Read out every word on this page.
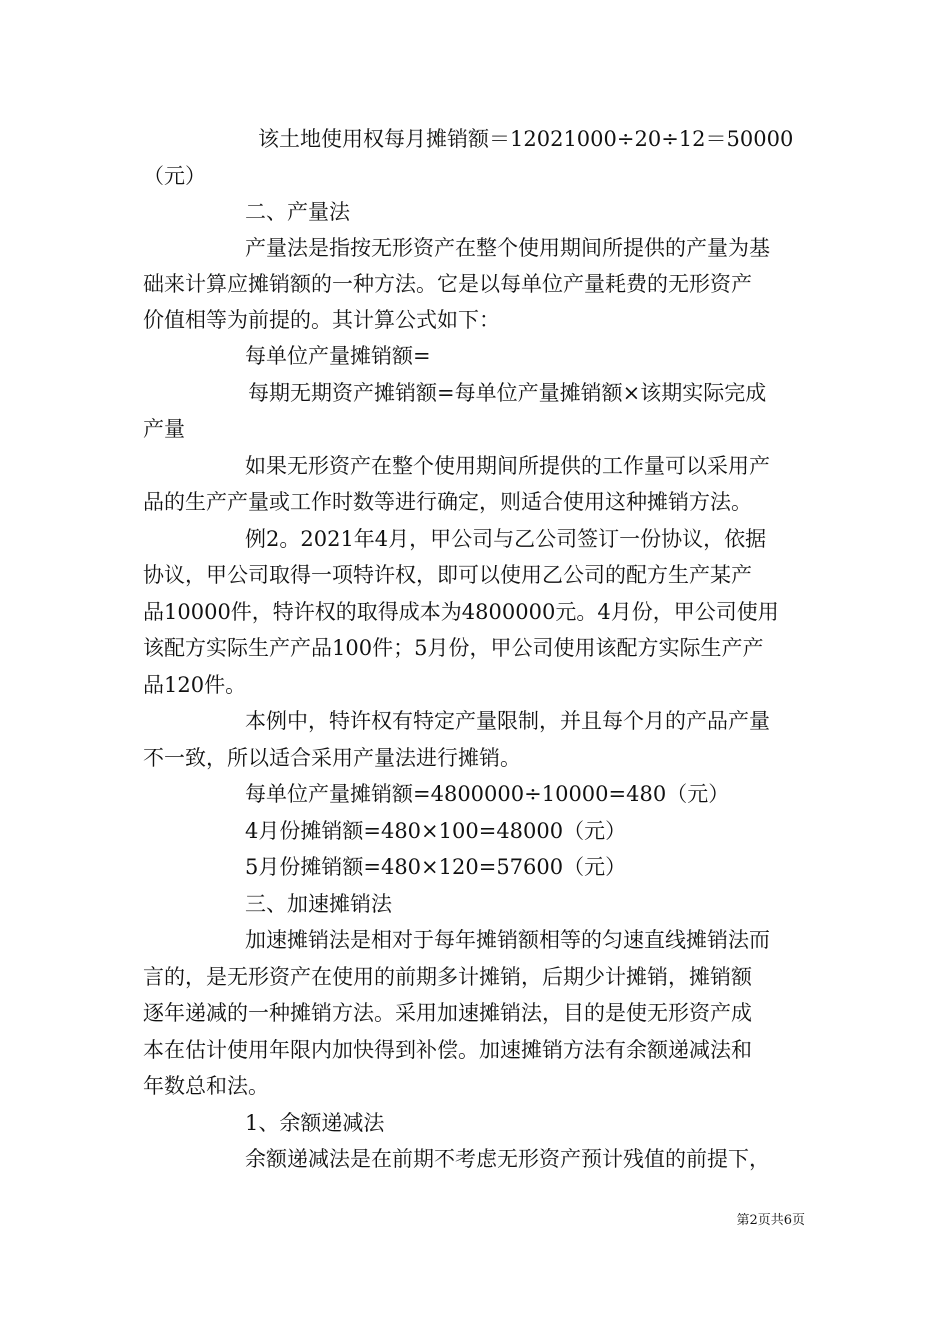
该土地使用权每月摊销额＝12021000÷20÷12＝50000
（元）
二、产量法
产量法是指按无形资产在整个使用期间所提供的产量为基
础来计算应摊销额的一种方法。它是以每单位产量耗费的无形资产
价值相等为前提的。其计算公式如下：
每单位产量摊销额=
每期无期资产摊销额=每单位产量摊销额×该期实际完成
产量
如果无形资产在整个使用期间所提供的工作量可以采用产
品的生产产量或工作时数等进行确定，则适合使用这种摊销方法。
例2。2021年4月，甲公司与乙公司签订一份协议，依据
协议，甲公司取得一项特许权，即可以使用乙公司的配方生产某产
品10000件，特许权的取得成本为4800000元。4月份，甲公司使用
该配方实际生产产品100件；5月份，甲公司使用该配方实际生产产
品120件。
本例中，特许权有特定产量限制，并且每个月的产品产量
不一致，所以适合采用产量法进行摊销。
每单位产量摊销额=4800000÷10000=480（元）
4月份摊销额=480×100=48000（元）
5月份摊销额=480×120=57600（元）
三、加速摊销法
加速摊销法是相对于每年摊销额相等的匀速直线摊销法而
言的，是无形资产在使用的前期多计摊销，后期少计摊销，摊销额
逐年递减的一种摊销方法。采用加速摊销法，目的是使无形资产成
本在估计使用年限内加快得到补偿。加速摊销方法有余额递减法和
年数总和法。
1、余额递减法
余额递减法是在前期不考虑无形资产预计残值的前提下，
第2页共6页
